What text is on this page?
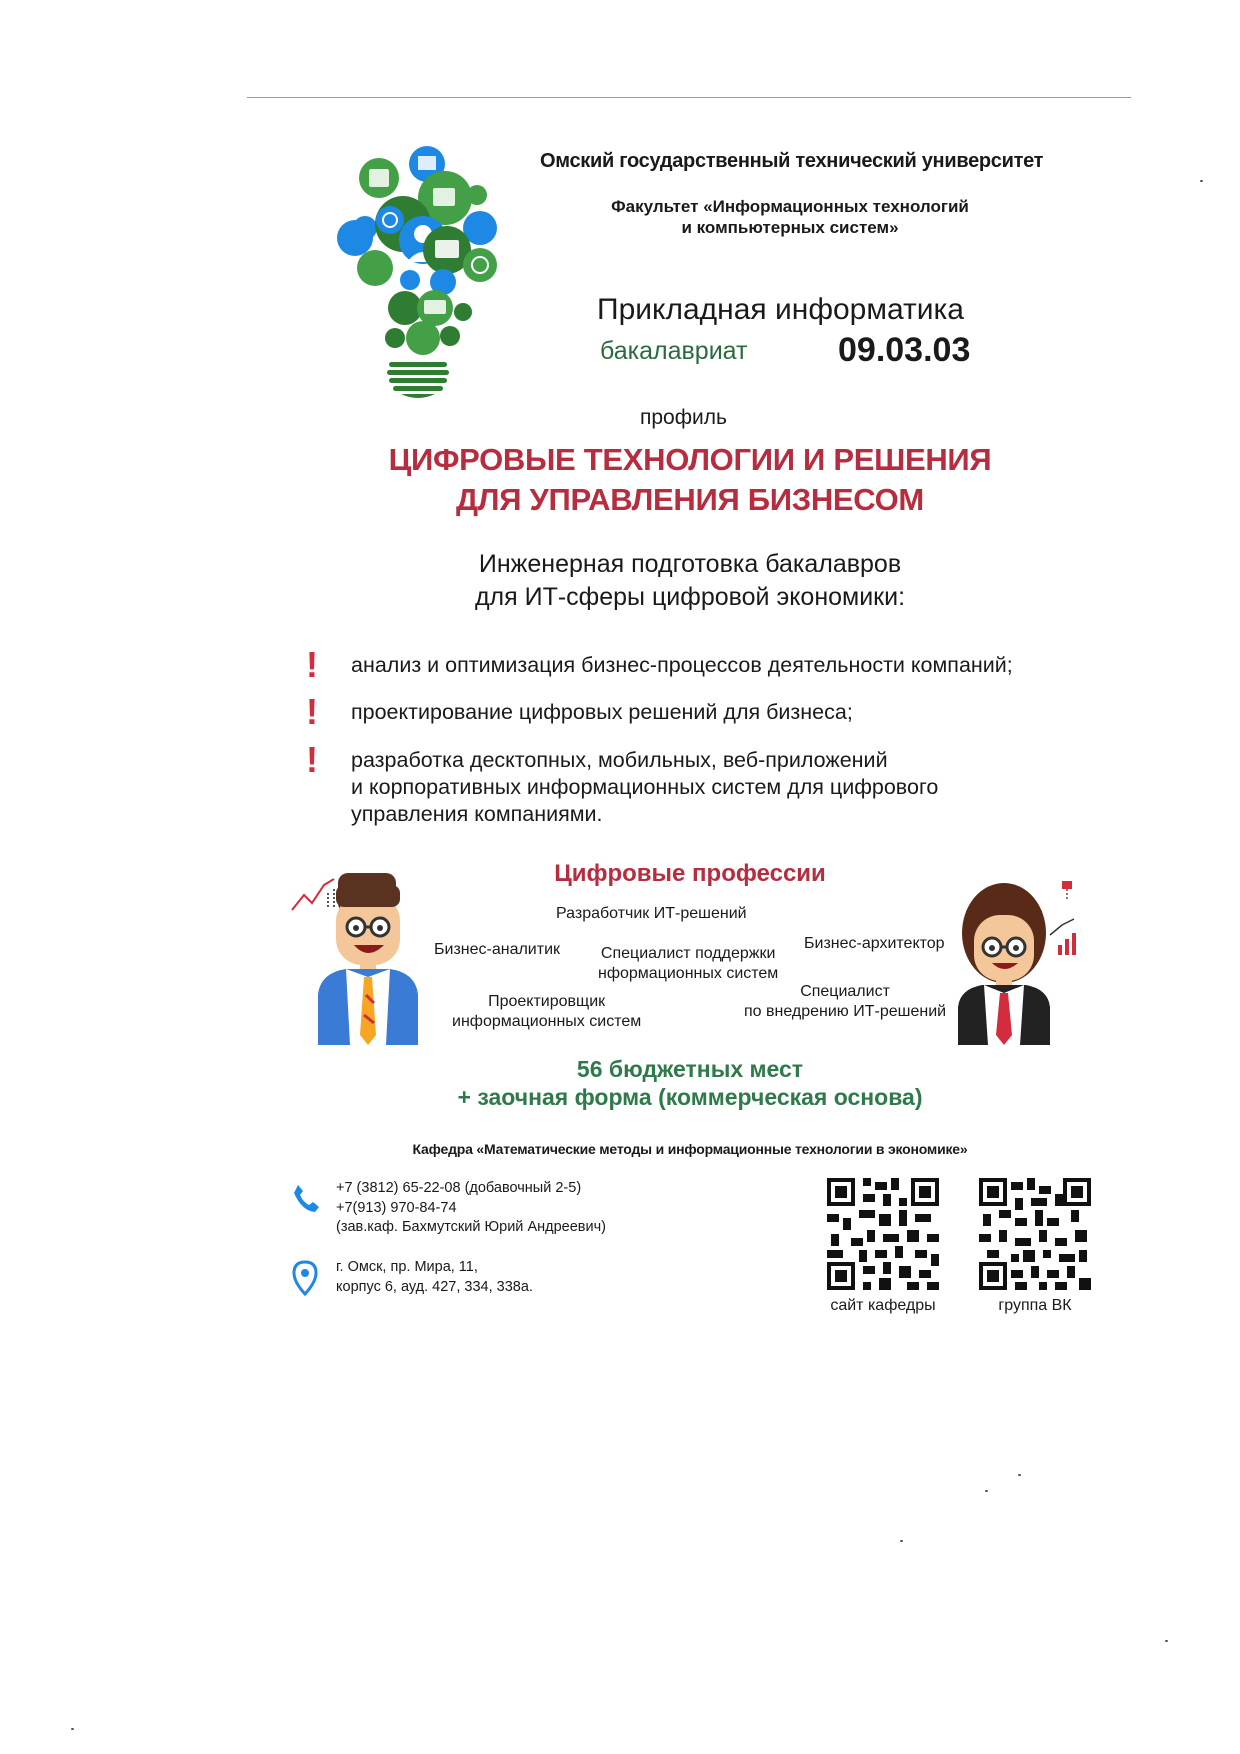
Омский государственный технический университет
Факультет «Информационных технологий
и компьютерных систем»
Прикладная информатика
бакалавриат	09.03.03
профиль
ЦИФРОВЫЕ ТЕХНОЛОГИИ И РЕШЕНИЯ
ДЛЯ УПРАВЛЕНИЯ БИЗНЕСОМ
Инженерная подготовка бакалавров
для ИТ-сферы цифровой экономики:
! анализ и оптимизация бизнес-процессов деятельности компаний;
! проектирование цифровых решений для бизнеса;
! разработка десктопных, мобильных, веб-приложений
и корпоративных информационных систем для цифрового
управления компаниями.
Цифровые профессии
Разработчик ИТ-решений
Бизнес-аналитик	Специалист поддержки
нформационных систем
Бизнес-архитектор
Проектировщик
информационных систем
Специалист
по внедрению ИТ-решений
56 бюджетных мест
+ заочная форма (коммерческая основа)
Кафедра «Математические методы и информационные технологии в экономике»
+7 (3812) 65-22-08 (добавочный 2-5)
+7(913) 970-84-74
(зав.каф. Бахмутский Юрий Андреевич)
г. Омск, пр. Мира, 11,
корпус 6, ауд. 427, 334, 338а.
сайт кафедры	группа ВК
